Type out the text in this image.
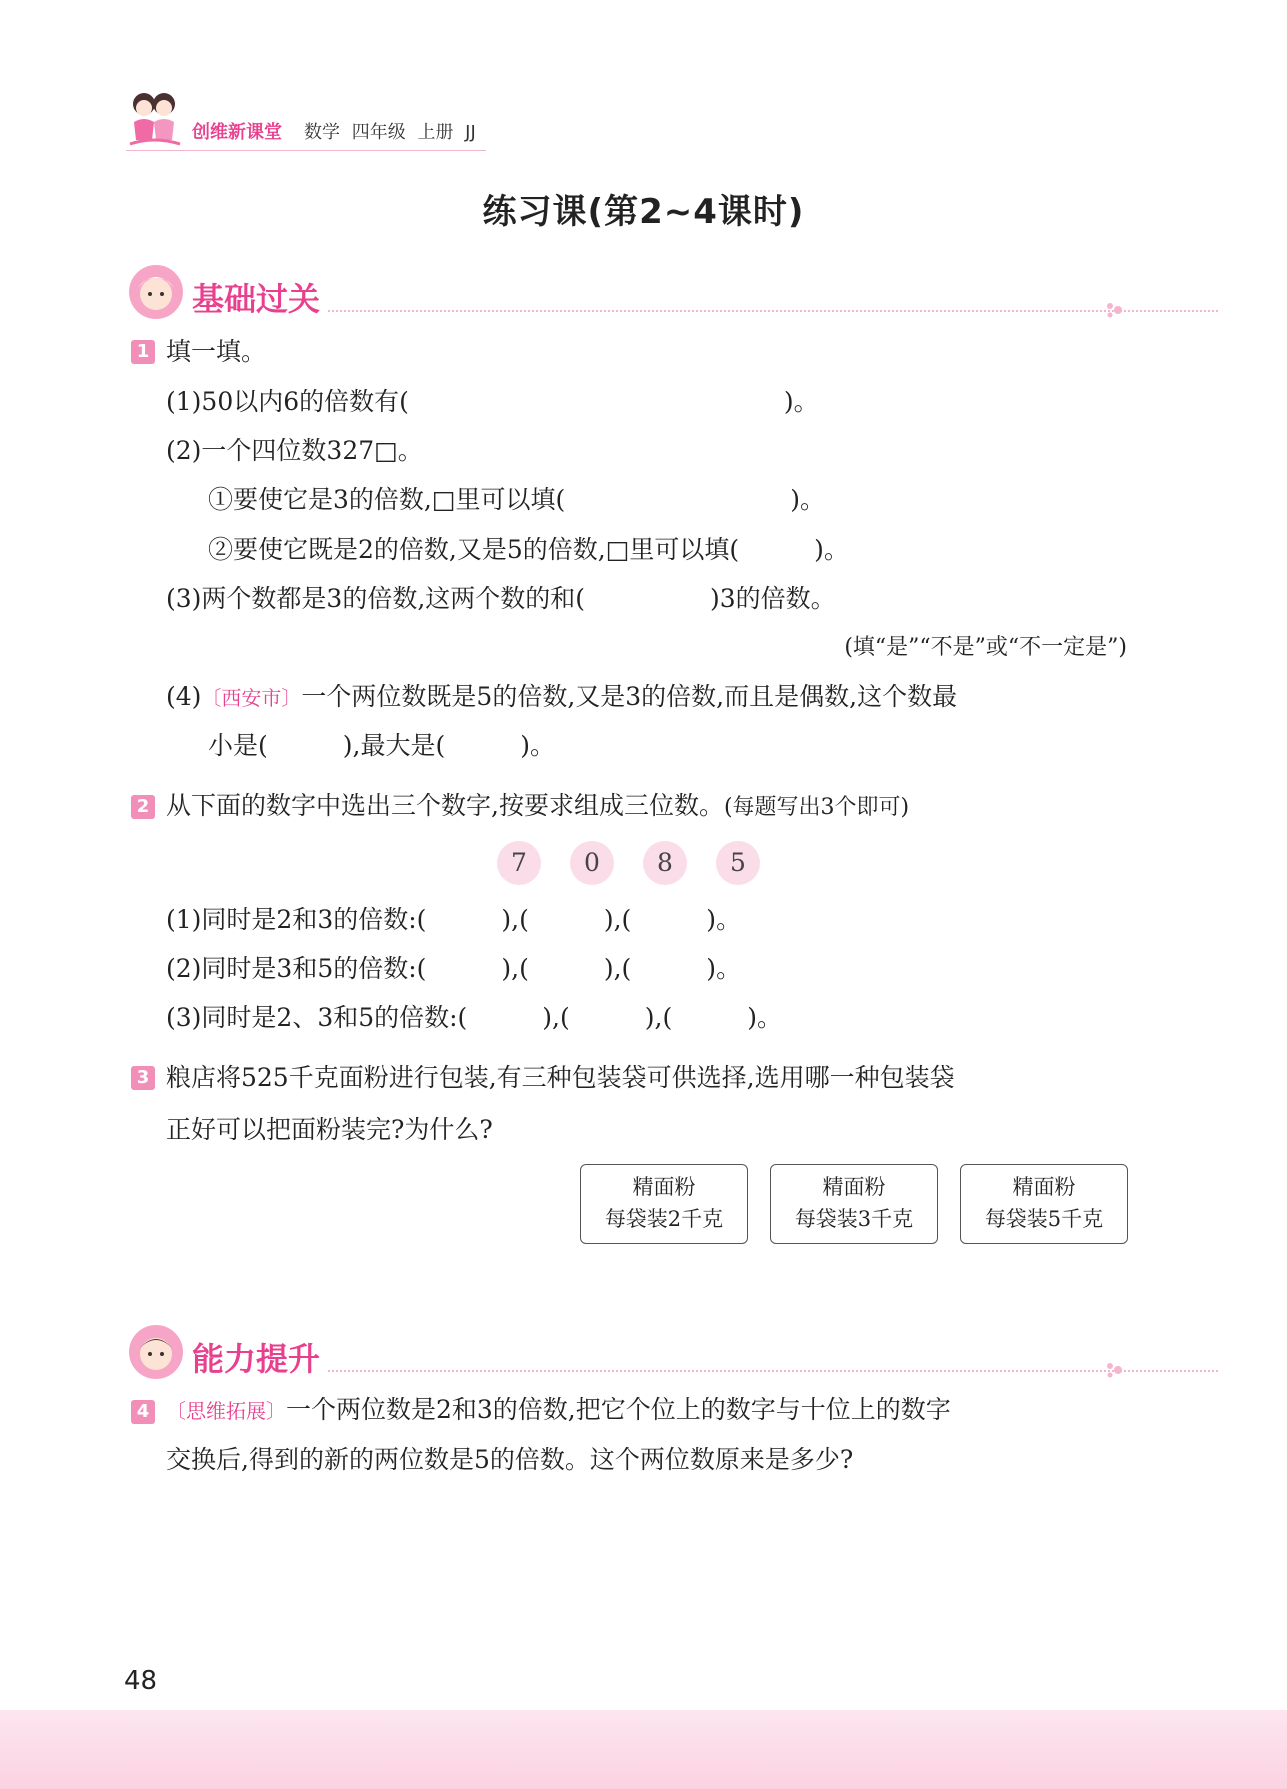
创维新课堂 数学 四年级 上册 JJ
练习课(第2~4课时)
基础过关
1 填一填。
(1)50以内6的倍数有(　　　　　　　　　　　　　　　)。
(2)一个四位数327□。
①要使它是3的倍数,□里可以填(　　　　　　　　　)。
②要使它既是2的倍数,又是5的倍数,□里可以填(　　　)。
(3)两个数都是3的倍数,这两个数的和(　　　　　)3的倍数。
(填“是”“不是”或“不一定是”)
(4)〔西安市〕一个两位数既是5的倍数,又是3的倍数,而且是偶数,这个数最
小是(　　　),最大是(　　　)。
2 从下面的数字中选出三个数字,按要求组成三位数。(每题写出3个即可)
7	0	8	5
(1)同时是2和3的倍数:(　　　),(　　　),(　　　)。
(2)同时是3和5的倍数:(　　　),(　　　),(　　　)。
(3)同时是2、3和5的倍数:(　　　),(　　　),(　　　)。
3 粮店将525千克面粉进行包装,有三种包装袋可供选择,选用哪一种包装袋
正好可以把面粉装完?为什么?
精面粉
每袋装2千克
精面粉
每袋装3千克
精面粉
每袋装5千克
能力提升
4 〔思维拓展〕一个两位数是2和3的倍数,把它个位上的数字与十位上的数字
交换后,得到的新的两位数是5的倍数。这个两位数原来是多少?
48
